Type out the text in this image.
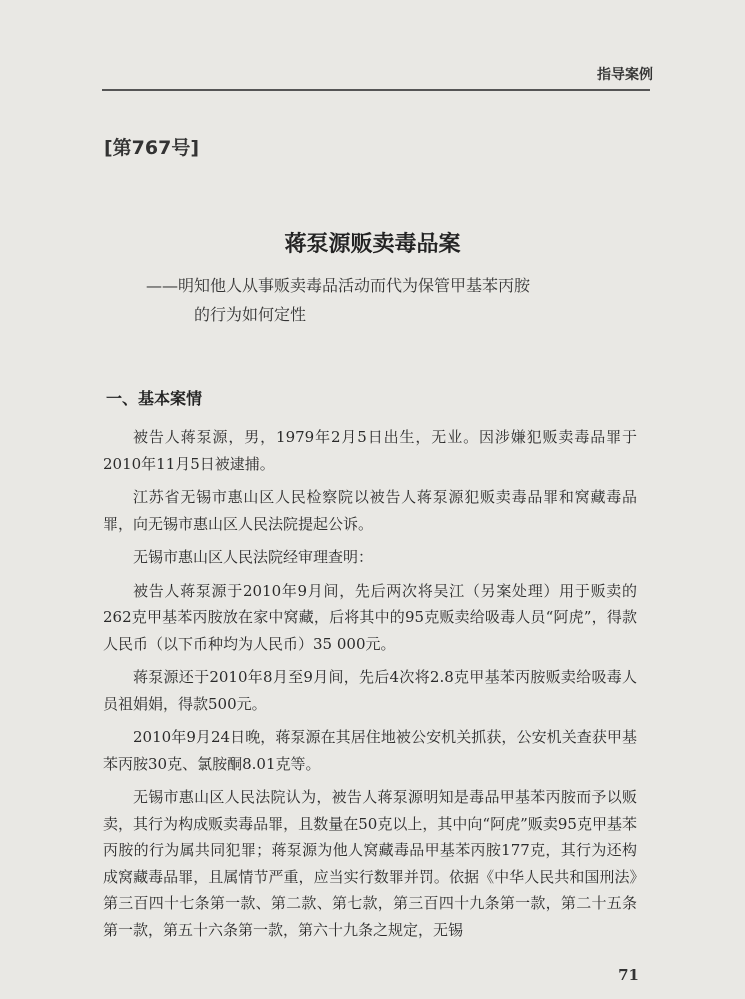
指导案例
[第767号]
蒋泵源贩卖毒品案
——明知他人从事贩卖毒品活动而代为保管甲基苯丙胺
的行为如何定性
一、基本案情

被告人蒋泵源，男，1979年2月5日出生，无业。因涉嫌犯贩卖毒品罪于2010年11月5日被逮捕。

江苏省无锡市惠山区人民检察院以被告人蒋泵源犯贩卖毒品罪和窝藏毒品罪，向无锡市惠山区人民法院提起公诉。

无锡市惠山区人民法院经审理查明：

被告人蒋泵源于2010年9月间，先后两次将吴江（另案处理）用于贩卖的262克甲基苯丙胺放在家中窝藏，后将其中的95克贩卖给吸毒人员“阿虎”，得款人民币（以下币种均为人民币）35 000元。

蒋泵源还于2010年8月至9月间，先后4次将2.8克甲基苯丙胺贩卖给吸毒人员祖娟娟，得款500元。

2010年9月24日晚，蒋泵源在其居住地被公安机关抓获，公安机关查获甲基苯丙胺30克、氯胺酮8.01克等。

无锡市惠山区人民法院认为，被告人蒋泵源明知是毒品甲基苯丙胺而予以贩卖，其行为构成贩卖毒品罪，且数量在50克以上，其中向“阿虎”贩卖95克甲基苯丙胺的行为属共同犯罪；蒋泵源为他人窝藏毒品甲基苯丙胺177克，其行为还构成窝藏毒品罪，且属情节严重，应当实行数罪并罚。依据《中华人民共和国刑法》第三百四十七条第一款、第二款、第七款，第三百四十九条第一款，第二十五条第一款，第五十六条第一款，第六十九条之规定，无锡

71
